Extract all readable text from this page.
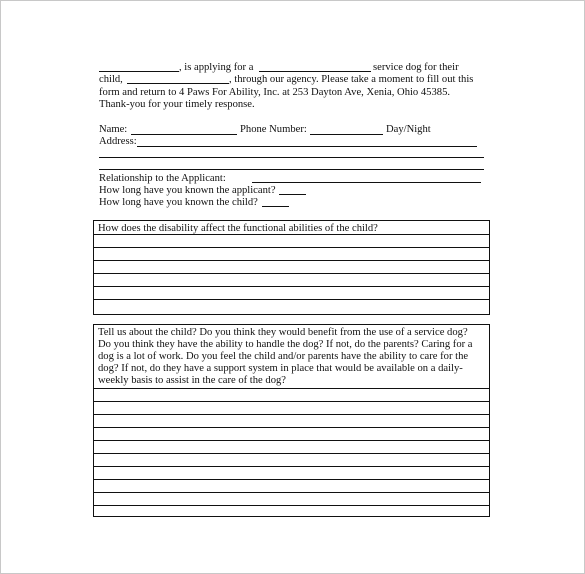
, is applying for a	service dog for their
child,	, through our agency. Please take a moment to fill out this
form and return to 4 Paws For Ability, Inc. at 253 Dayton Ave, Xenia, Ohio 45385.
Thank-you for your timely response.
Name:	Phone Number:	Day/Night
Address:
Relationship to the Applicant:
How long have you known the applicant?
How long have you known the child?
How does the disability affect the functional abilities of the child?
Tell us about the child? Do you think they would benefit from the use of a service dog?
Do you think they have the ability to handle the dog? If not, do the parents? Caring for a
dog is a lot of work. Do you feel the child and/or parents have the ability to care for the
dog? If not, do they have a support system in place that would be available on a daily-
weekly basis to assist in the care of the dog?
